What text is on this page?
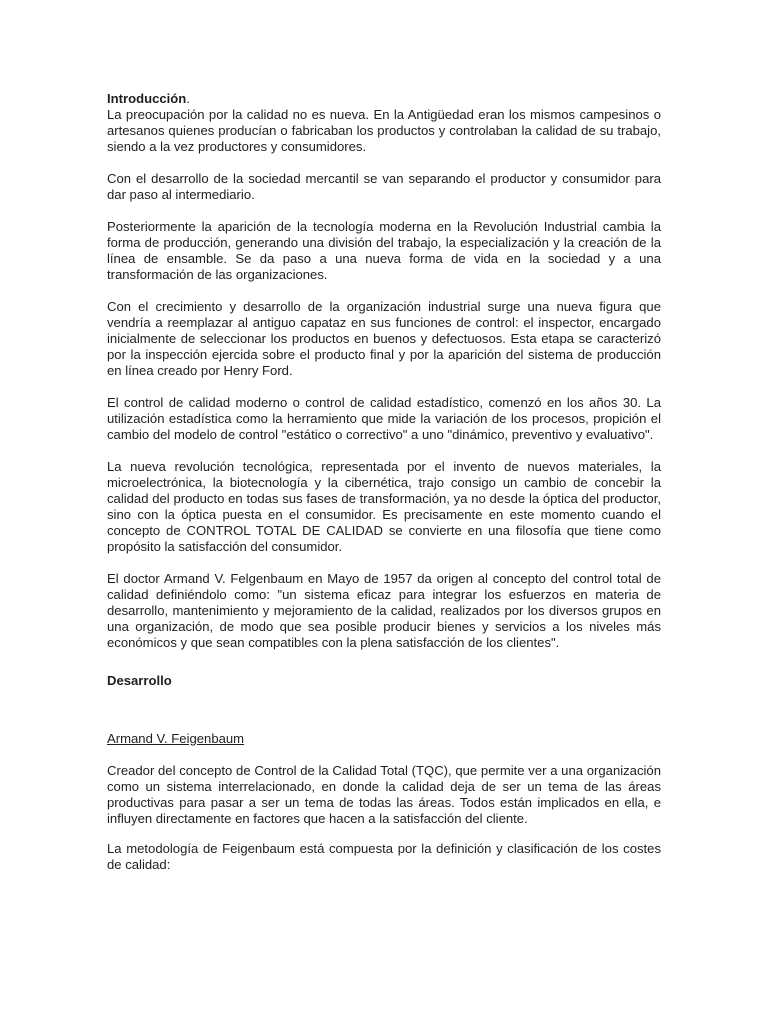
Introducción.
La preocupación por la calidad no es nueva. En la Antigüedad eran los mismos campesinos o artesanos quienes producían o fabricaban los productos y controlaban la calidad de su trabajo, siendo a la vez productores y consumidores.

Con el desarrollo de la sociedad mercantil se van separando el productor y consumidor para dar paso al intermediario.

Posteriormente la aparición de la tecnología moderna en la Revolución Industrial cambia la forma de producción, generando una división del trabajo, la especialización y la creación de la línea de ensamble. Se da paso a una nueva forma de vida en la sociedad y a una transformación de las organizaciones.

Con el crecimiento y desarrollo de la organización industrial surge una nueva figura que vendría a reemplazar al antiguo capataz en sus funciones de control: el inspector, encargado inicialmente de seleccionar los productos en buenos y defectuosos. Esta etapa se caracterizó por la inspección ejercida sobre el producto final y por la aparición del sistema de producción en línea creado por Henry Ford.

El control de calidad moderno o control de calidad estadístico, comenzó en los años 30. La utilización estadística como la herramiento que mide la variación de los procesos, propición el cambio del modelo de control "estático o correctivo" a uno "dinámico, preventivo y evaluativo".

La nueva revolución tecnológica, representada por el invento de nuevos materiales, la microelectrónica, la biotecnología y la cibernética, trajo consigo un cambio de concebir la calidad del producto en todas sus fases de transformación, ya no desde la óptica del productor, sino con la óptica puesta en el consumidor. Es precisamente en este momento cuando el concepto de CONTROL TOTAL DE CALIDAD se convierte en una filosofía que tiene como propósito la satisfacción del consumidor.

El doctor Armand V. Felgenbaum en Mayo de 1957 da origen al concepto del control total de calidad definiéndolo como: "un sistema eficaz para integrar los esfuerzos en materia de desarrollo, mantenimiento y mejoramiento de la calidad, realizados por los diversos grupos en una organización, de modo que sea posible producir bienes y servicios a los niveles más económicos y que sean compatibles con la plena satisfacción de los clientes".

Desarrollo
Armand V. Feigenbaum

Creador del concepto de Control de la Calidad Total (TQC), que permite ver a una organización como un sistema interrelacionado, en donde la calidad deja de ser un tema de las áreas productivas para pasar a ser un tema de todas las áreas. Todos están implicados en ella, e influyen directamente en factores que hacen a la satisfacción del cliente.

La metodología de Feigenbaum está compuesta por la definición y clasificación de los costes de calidad:
